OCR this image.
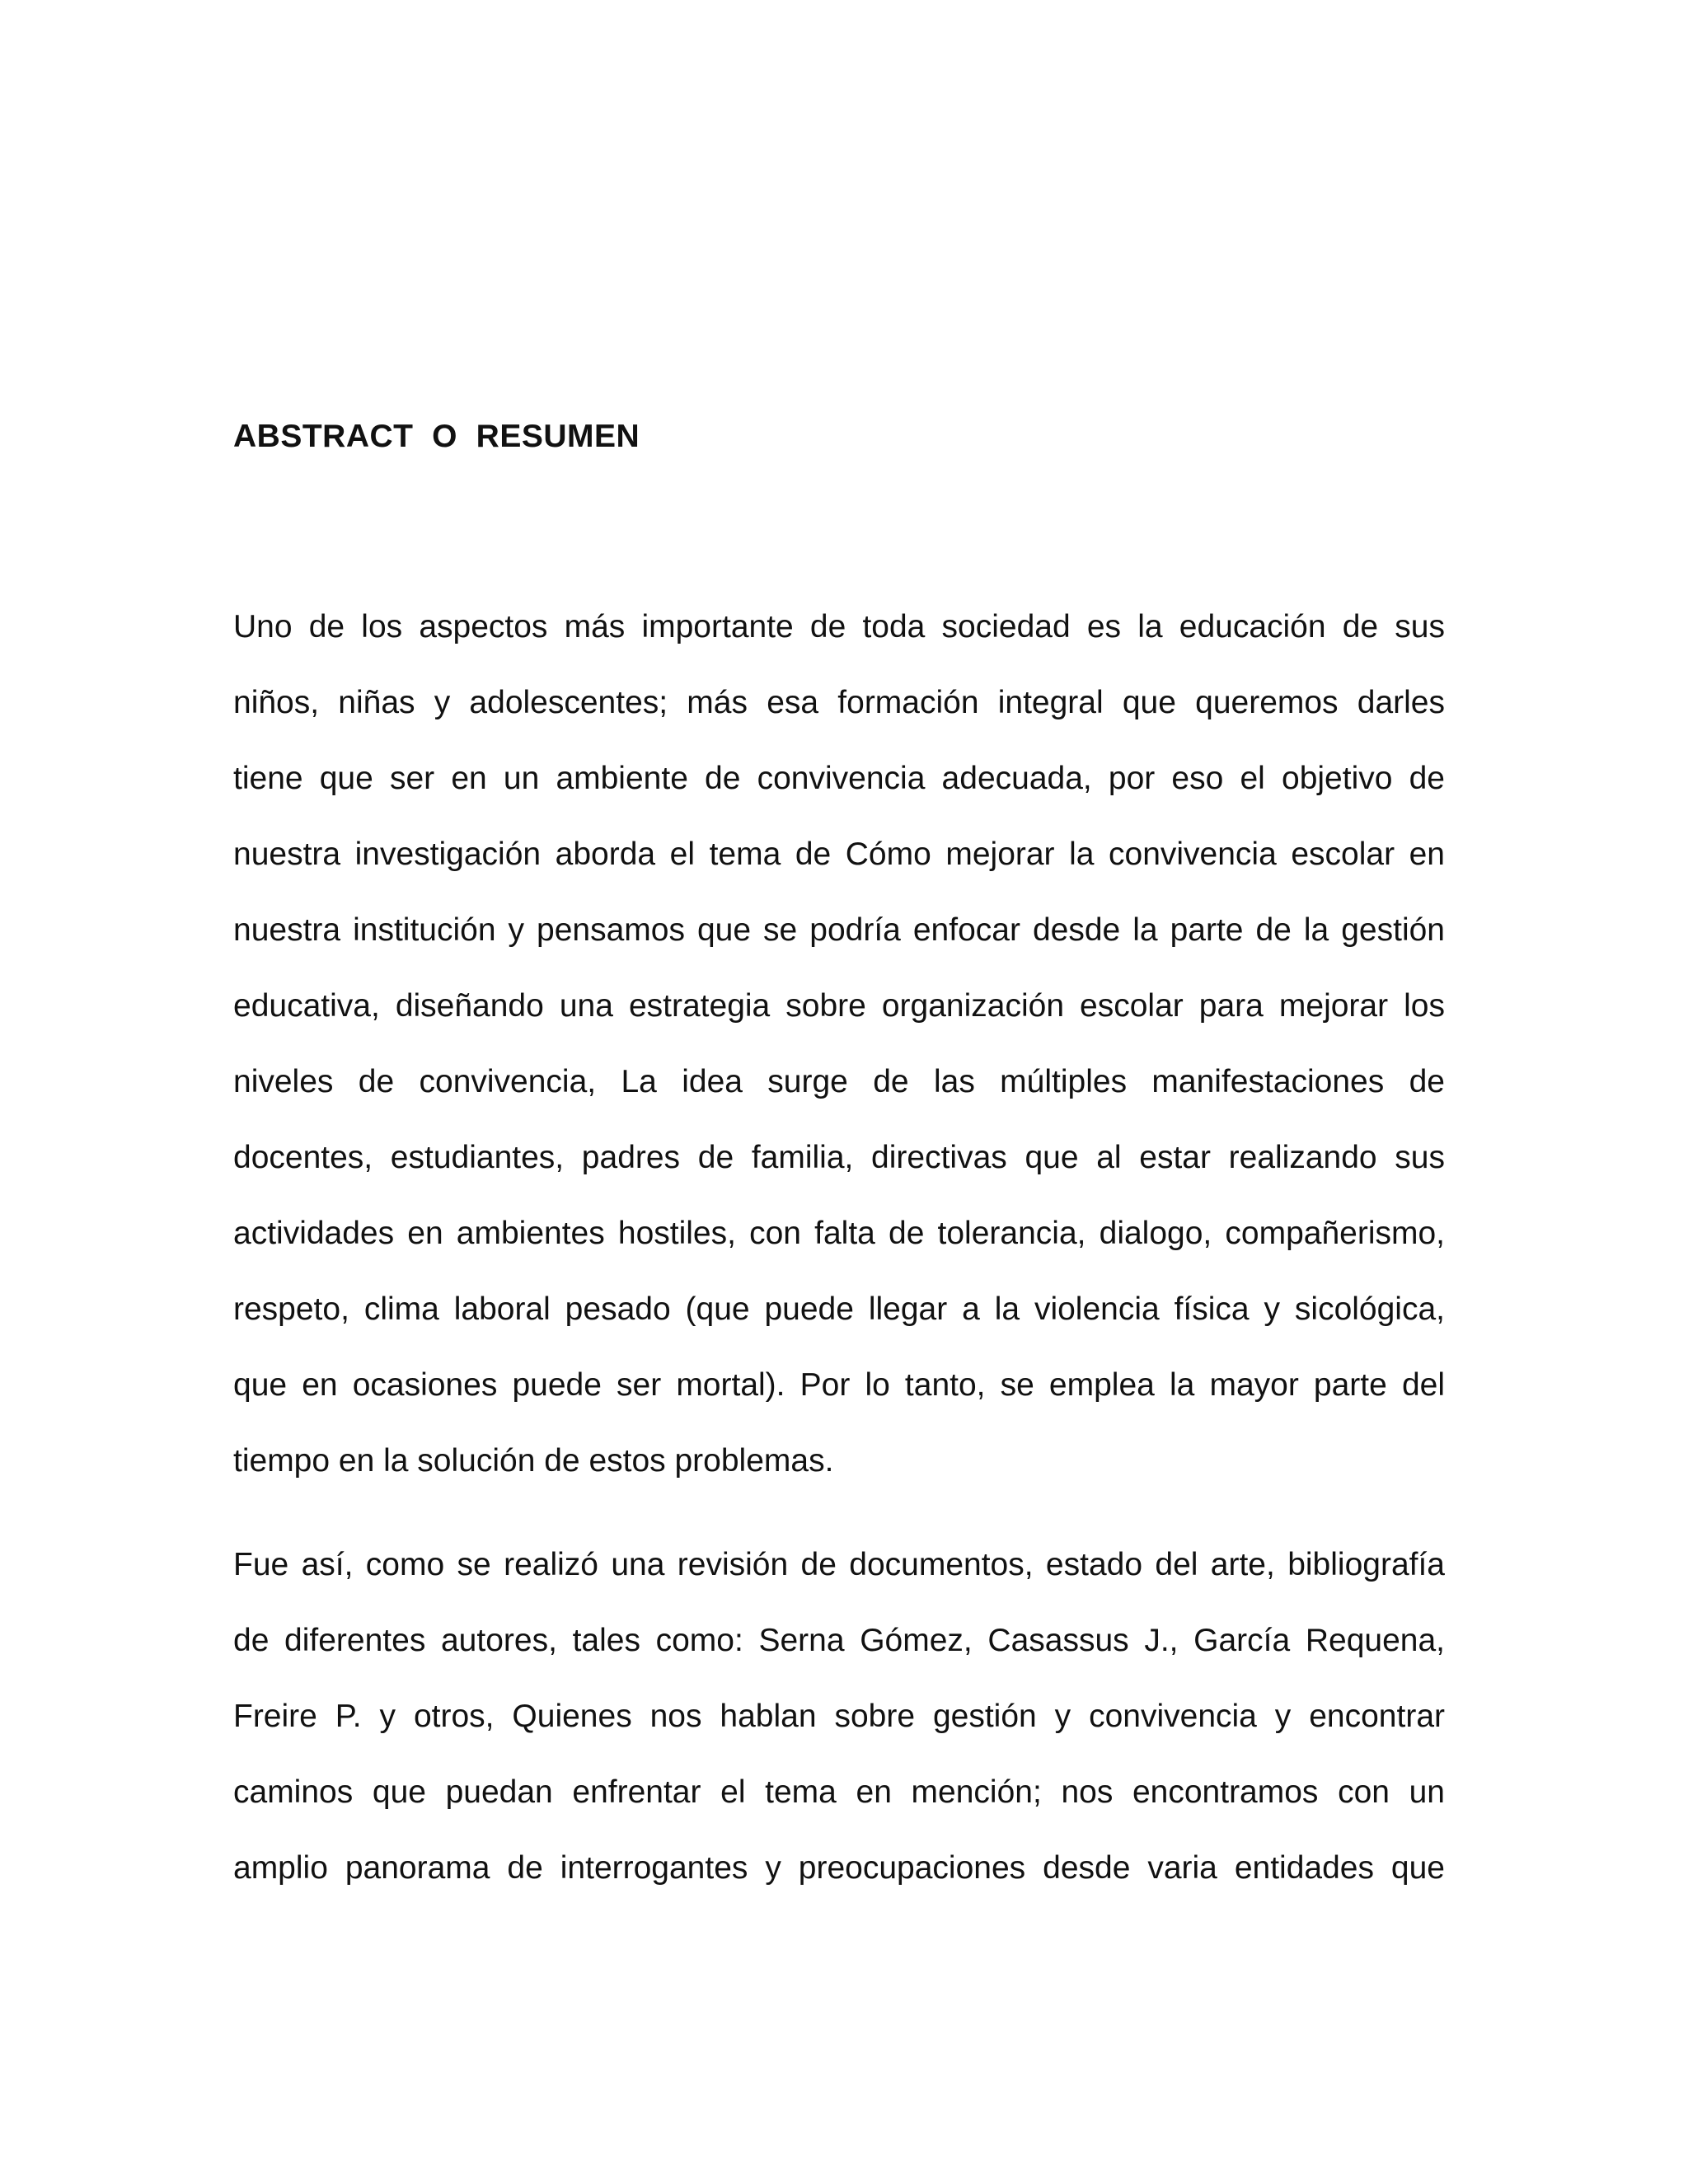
ABSTRACT  O  RESUMEN
Uno de los aspectos más importante de toda sociedad es la educación de sus
niños, niñas y adolescentes; más esa formación integral que queremos darles
tiene que ser en un ambiente de convivencia adecuada, por eso el objetivo de
nuestra investigación aborda el tema de Cómo mejorar la convivencia escolar en
nuestra institución y pensamos que se podría enfocar desde la parte de la gestión
educativa, diseñando una estrategia sobre organización escolar para mejorar los
niveles de convivencia, La idea surge de las múltiples manifestaciones de
docentes, estudiantes, padres de familia, directivas que al estar realizando sus
actividades en ambientes hostiles, con falta de tolerancia, dialogo, compañerismo,
respeto, clima laboral pesado (que puede llegar a la violencia física y sicológica,
que en ocasiones puede ser mortal). Por lo tanto, se emplea la mayor parte del
tiempo en la solución de estos problemas.
Fue así, como se realizó una revisión de documentos, estado del arte, bibliografía
de diferentes autores, tales como: Serna Gómez, Casassus J., García Requena,
Freire P. y otros, Quienes nos hablan sobre gestión y convivencia y encontrar
caminos que puedan enfrentar el tema en mención; nos encontramos con un
amplio panorama de interrogantes y preocupaciones desde varia entidades que
